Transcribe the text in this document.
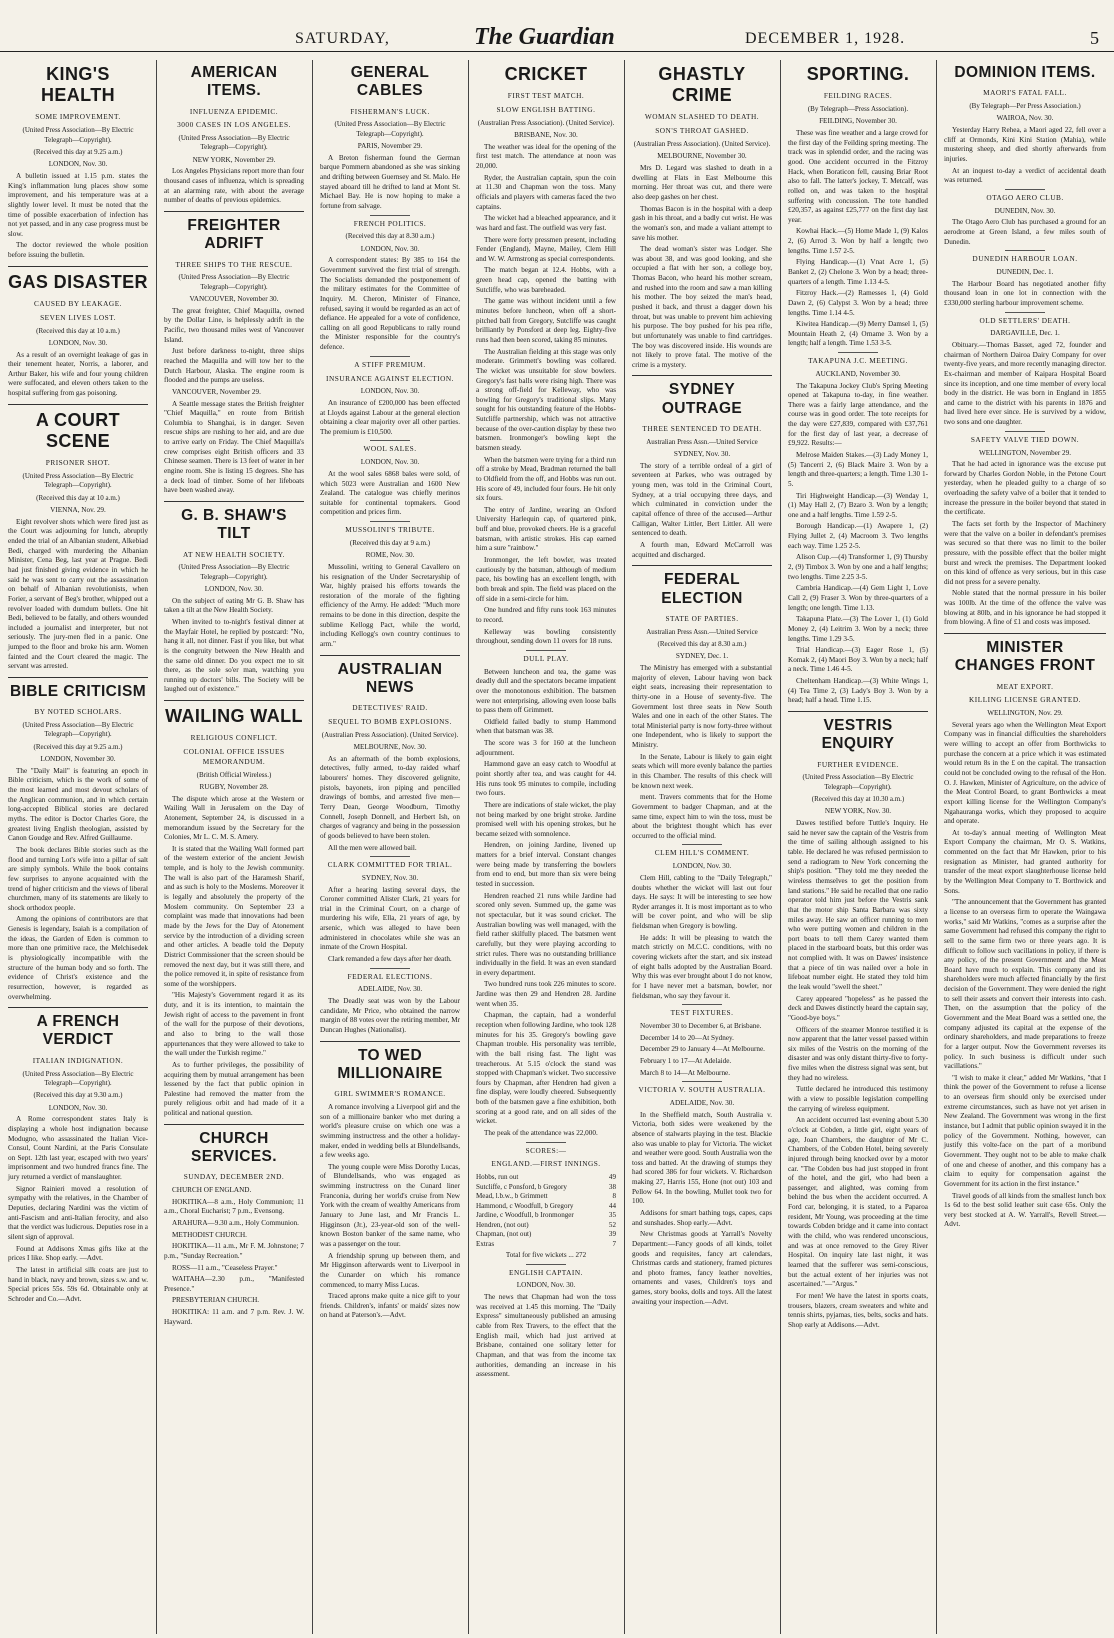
SATURDAY,	The Guardian	DECEMBER 1, 1928.	5
KING'S HEALTH
SOME IMPROVEMENT.
(United Press Association—By Electric Telegraph—Copyright).
(Received this day at 9.25 a.m.)
LONDON, Nov. 30.

A bulletin issued at 1.15 p.m. states the King's inflammation lung places show some improvement, and his temperature was at a slightly lower level. It must be noted that the time of possible exacerbation of infection has not yet passed, and in any case progress must be slow.

The doctor reviewed the whole position before issuing the bulletin.

GAS DISASTER
CAUSED BY LEAKAGE.
SEVEN LIVES LOST.
(Received this day at 10 a.m.)
LONDON, Nov. 30.

As a result of an overnight leakage of gas in their tenement heater, Norris, a laborer, and Arthur Baker, his wife and four young children were suffocated, and eleven others taken to the hospital suffering from gas poisoning.

A COURT SCENE
PRISONER SHOT.
(United Press Association—By Electric Telegraph—Copyright).
(Received this day at 10 a.m.)
VIENNA, Nov. 29.

Eight revolver shots which were fired just as the Court was adjourning for lunch, abruptly ended the trial of an Albanian student, Alkebiad Bedi, charged with murdering the Albanian Minister, Cena Beg, last year at Prague. Bedi had just finished giving evidence in which he said he was sent to carry out the assassination on behalf of Albanian revolutionists, when Forier, a servant of Beg's brother, whipped out a revolver loaded with dumdum bullets. One hit Bedi, believed to be fatally, and others wounded included a journalist and interpreter, but not seriously. The jury-men fled in a panic. One jumped to the floor and broke his arm. Women fainted and the Court cleared the magic. The servant was arrested.

BIBLE CRITICISM
BY NOTED SCHOLARS.
(United Press Association—By Electric Telegraph—Copyright).
(Received this day at 9.25 a.m.)
LONDON, November 30.

The "Daily Mail" is featuring an epoch in Bible criticism, which is the work of some of the most learned and most devout scholars of the Anglican communion, and in which certain long-accepted Biblical stories are declared myths. The editor is Doctor Charles Gore, the greatest living English theologian, assisted by Canon Goudge and Rev. Alfred Guillaume.

The book declares Bible stories such as the flood and turning Lot's wife into a pillar of salt are simply symbols. While the book contains few surprises to anyone acquainted with the trend of higher criticism and the views of liberal churchmen, many of its statements are likely to shock orthodox people.

Among the opinions of contributors are that Genesis is legendary, Isaiah is a compilation of the ideas, the Garden of Eden is common to more than one primitive race, the Melchisedek is physiologically incompatible with the structure of the human body and so forth. The evidence of Christ's existence and the resurrection, however, is regarded as overwhelming.

A FRENCH VERDICT
ITALIAN INDIGNATION.
(United Press Association—By Electric Telegraph—Copyright).
(Received this day at 9.30 a.m.)
LONDON, Nov. 30.

A Rome correspondent states Italy is displaying a whole host indignation because Modugno, who assassinated the Italian Vice-Consul, Count Nardini, at the Paris Consulate on Sept. 12th last year, escaped with two years' imprisonment and two hundred francs fine. The jury returned a verdict of manslaughter.

Signor Rainieri moved a resolution of sympathy with the relatives, in the Chamber of Deputies, declaring Nardini was the victim of anti-Fascism and anti-Italian ferocity, and also that the verdict was ludicrous. Deputies rose in a silent sign of approval.

Found at Addisons Xmas gifts like at the prices I like. Shop early. —Advt.

The latest in artificial silk coats are just to hand in black, navy and brown, sizes s.w. and w. Special prices 55s. 59s 6d. Obtainable only at Schroder and Co.—Advt.

AMERICAN ITEMS.
INFLUENZA EPIDEMIC.
3000 CASES IN LOS ANGELES.
(United Press Association—By Electric Telegraph—Copyright).
NEW YORK, November 29.

Los Angeles Physicians report more than four thousand cases of influenza, which is spreading at an alarming rate, with about the average number of deaths of previous epidemics.

FREIGHTER ADRIFT
THREE SHIPS TO THE RESCUE.
(United Press Association—By Electric Telegraph—Copyright).
VANCOUVER, November 30.

The great freighter, Chief Maquilla, owned by the Dollar Line, is helplessly adrift in the Pacific, two thousand miles west of Vancouver Island.

Just before darkness to-night, three ships reached the Maquilla and will tow her to the Dutch Harbour, Alaska. The engine room is flooded and the pumps are useless.

VANCOUVER, November 29.

A Seattle message states the British freighter "Chief Maquilla," en route from British Columbia to Shanghai, is in danger. Seven rescue ships are rushing to her aid, and are due to arrive early on Friday. The Chief Maquilla's crew comprises eight British officers and 33 Chinese seamen. There is 13 feet of water in her engine room. She is listing 15 degrees. She has a deck load of timber. Some of her lifeboats have been washed away.

G. B. SHAW'S TILT
AT NEW HEALTH SOCIETY.
(United Press Association—By Electric Telegraph—Copyright).
LONDON, Nov. 30.

On the subject of eating Mr G. B. Shaw has taken a tilt at the New Health Society.

When invited to to-night's festival dinner at the Mayfair Hotel, he replied by postcard: "No, hang it all, not dinner. Fast if you like, but what is the congruity between the New Health and the same old dinner. Do you expect me to sit there, as the sole so'er man, watching you running up doctors' bills. The Society will be laughed out of existence."

WAILING WALL
RELIGIOUS CONFLICT.
COLONIAL OFFICE ISSUES MEMORANDUM.
(British Official Wireless.)
RUGBY, November 28.

The dispute which arose at the Western or Wailing Wall in Jerusalem on the Day of Atonement, September 24, is discussed in a memorandum issued by the Secretary for the Colonies, Mr L. C. M. S. Amery.

It is stated that the Wailing Wall formed part of the western exterior of the ancient Jewish temple, and is holy to the Jewish community. The wall is also part of the Haramesh Sharif, and as such is holy to the Moslems. Moreover it is legally and absolutely the property of the Moslem community. On September 23 a complaint was made that innovations had been made by the Jews for the Day of Atonement service by the introduction of a dividing screen and other articles. A beadle told the Deputy District Commissioner that the screen should be removed the next day, but it was still there, and the police removed it, in spite of resistance from some of the worshippers.

"His Majesty's Government regard it as its duty, and it is its intention, to maintain the Jewish right of access to the pavement in front of the wall for the purpose of their devotions, and also to bring to the wall those appurtenances that they were allowed to take to the wall under the Turkish regime."

As to further privileges, the possibility of acquiring them by mutual arrangement has been lessened by the fact that public opinion in Palestine had removed the matter from the purely religious orbit and had made of it a political and national question.

CHURCH SERVICES.
SUNDAY, DECEMBER 2ND.

CHURCH OF ENGLAND.

HOKITIKA—8 a.m., Holy Communion; 11 a.m., Choral Eucharist; 7 p.m., Evensong.

ARAHURA—9.30 a.m., Holy Communion.

METHODIST CHURCH.

HOKITIKA—11 a.m., Mr F. M. Johnstone; 7 p.m., "Sunday Recreation."

ROSS—11 a.m., "Ceaseless Prayer."

WAITAHA—2.30 p.m., "Manifested Presence."

PRESBYTERIAN CHURCH.

HOKITIKA: 11 a.m. and 7 p.m. Rev. J. W. Hayward.

GENERAL CABLES
FISHERMAN'S LUCK.
(United Press Association—By Electric Telegraph—Copyright).
PARIS, November 29.

A Breton fisherman found the German barque Pommern abandoned as she was sinking and drifting between Guernsey and St. Malo. He stayed aboard till he drifted to land at Mont St. Michael Bay. He is now hoping to make a fortune from salvage.

FRENCH POLITICS.
(Received this day at 8.30 a.m.)
LONDON, Nov. 30.

A correspondent states: By 385 to 164 the Government survived the first trial of strength. The Socialists demanded the postponement of the military estimates for the Committee of Inquiry. M. Cheron, Minister of Finance, refused, saying it would be regarded as an act of defiance. He appealed for a vote of confidence, calling on all good Republicans to rally round the Minister responsible for the country's defence.

A STIFF PREMIUM.
INSURANCE AGAINST ELECTION.
LONDON, Nov. 30.

An insurance of £200,000 has been effected at Lloyds against Labour at the general election obtaining a clear majority over all other parties. The premium is £10,500.

WOOL SALES.
LONDON, Nov. 30.

At the wool sales 6868 bales were sold, of which 5023 were Australian and 1600 New Zealand. The catalogue was chiefly merinos suitable for continental topmakers. Good competition and prices firm.

MUSSOLINI'S TRIBUTE.
(Received this day at 9 a.m.)
ROME, Nov. 30.

Mussolini, writing to General Cavallero on his resignation of the Under Secretaryship of War, highly praised his efforts towards the restoration of the morale of the fighting efficiency of the Army. He added: "Much more remains to be done in this direction, despite the sublime Kellogg Pact, while the world, including Kellogg's own country continues to arm."

AUSTRALIAN NEWS
DETECTIVES' RAID.
SEQUEL TO BOMB EXPLOSIONS.
(Australian Press Association). (United Service).
MELBOURNE, Nov. 30.

As an aftermath of the bomb explosions, detectives, fully armed, to-day raided wharf labourers' homes. They discovered gelignite, pistols, bayonets, iron piping and pencilled drawings of bombs, and arrested five men—Terry Dean, George Woodburn, Timothy Connell, Joseph Donnell, and Herbert Ish, on charges of vagrancy and being in the possession of goods believed to have been stolen.

All the men were allowed bail.

CLARK COMMITTED FOR TRIAL.
SYDNEY, Nov. 30.

After a hearing lasting several days, the Coroner committed Alister Clark, 21 years for trial in the Criminal Court, on a charge of murdering his wife, Ella, 21 years of age, by arsenic, which was alleged to have been administered in chocolates while she was an inmate of the Crown Hospital.

Clark remanded a few days after her death.

FEDERAL ELECTIONS.
ADELAIDE, Nov. 30.

The Deadly seat was won by the Labour candidate, Mr Price, who obtained the narrow margin of 88 votes over the retiring member, Mr Duncan Hughes (Nationalist).

TO WED MILLIONAIRE
GIRL SWIMMER'S ROMANCE.

A romance involving a Liverpool girl and the son of a millionaire banker who met during a world's pleasure cruise on which one was a swimming instructress and the other a holiday-maker, ended in wedding bells at Blundellsands, a few weeks ago.

The young couple were Miss Dorothy Lucas, of Blundellsands, who was engaged as swimming instructress on the Cunard liner Franconia, during her world's cruise from New York with the cream of wealthy Americans from January to June last, and Mr Francis L. Higginson (Jr.), 23-year-old son of the well-known Boston banker of the same name, who was a passenger on the tour.

A friendship sprung up between them, and Mr Higginson afterwards went to Liverpool in the Cunarder on which his romance commenced, to marry Miss Lucas.

Traced aprons make quite a nice gift to your friends. Children's, infants' or maids' sizes now on hand at Paterson's.—Advt.

CRICKET
FIRST TEST MATCH.
SLOW ENGLISH BATTING.
(Australian Press Association). (United Service).
BRISBANE, Nov. 30.

The weather was ideal for the opening of the first test match. The attendance at noon was 20,000.

Ryder, the Australian captain, spun the coin at 11.30 and Chapman won the toss. Many officials and players with cameras faced the two captains.

The wicket had a bleached appearance, and it was hard and fast. The outfield was very fast.

There were forty pressmen present, including Fender (England), Mayne, Mailey, Clem Hill and W. W. Armstrong as special correspondents.

The match began at 12.4. Hobbs, with a green head cap, opened the batting with Sutcliffe, who was bareheaded.

The game was without incident until a few minutes before luncheon, when off a short-pitched ball from Gregory, Sutcliffe was caught brilliantly by Ponsford at deep leg. Eighty-five runs had then been scored, taking 85 minutes.

The Australian fielding at this stage was only moderate. Grimmett's bowling was collared. The wicket was unsuitable for slow bowlers. Gregory's fast balls were rising high. There was a strong off-field for Kelleway, who was bowling for Gregory's traditional slips. Many sought for his outstanding feature of the Hobbs-Sutcliffe partnership, which was not attractive because of the over-caution display by these two batsmen. Ironmonger's bowling kept the batsmen steady.

When the batsmen were trying for a third run off a stroke by Mead, Bradman returned the ball to Oldfield from the off, and Hobbs was run out. His score of 49, included four fours. He hit only six fours.

The entry of Jardine, wearing an Oxford University Harlequin cap, of quartered pink, buff and blue, provoked cheers. He is a graceful batsman, with artistic strokes. His cap earned him a sure "rainbow."

Ironmonger, the left bowler, was treated cautiously by the batsman, although of medium pace, his bowling has an excellent length, with both break and spin. The field was placed on the off side in a semi-circle for him.

One hundred and fifty runs took 163 minutes to record.

Kelleway was bowling consistently throughout, sending down 11 overs for 18 runs.

DULL PLAY.

Between luncheon and tea, the game was deadly dull and the spectators became impatient over the monotonous exhibition. The batsmen were not enterprising, allowing even loose balls to pass them off Grimmett.

Oldfield failed badly to stump Hammond when that batsman was 38.

The score was 3 for 160 at the luncheon adjournment.

Hammond gave an easy catch to Woodful at point shortly after tea, and was caught for 44. His runs took 95 minutes to compile, including two fours.

There are indications of stale wicket, the play not being marked by one bright stroke. Jardine promised well with his opening strokes, but he became seized with somnolence.

Hendren, on joining Jardine, livened up matters for a brief interval. Constant changes were being made by transferring the bowlers from end to end, but more than six were being tested in succession.

Hendren reached 21 runs while Jardine had scored only seven. Summed up, the game was not spectacular, but it was sound cricket. The Australian bowling was well managed, with the field rather skilfully placed. The batsmen went carefully, but they were playing according to strict rules. There was no outstanding brilliance individually in the field. It was an even standard in every department.

Two hundred runs took 226 minutes to score. Jardine was then 29 and Hendren 28. Jardine went when 35.

Chapman, the captain, had a wonderful reception when following Jardine, who took 128 minutes for his 35. Gregory's bowling gave Chapman trouble. His personality was terrible, with the ball rising fast. The light was treacherous. At 5.15 o'clock the stand was stopped with Chapman's wicket. Two successive fours by Chapman, after Hendren had given a fine display, were loudly cheered. Subsequently both of the batsmen gave a fine exhibition, both scoring at a good rate, and on all sides of the wicket.

The peak of the attendance was 22,000.

SCORES:—
ENGLAND.—FIRST INNINGS.
Hobbs, run out	49
Sutcliffe, c Ponsford, b Gregory	38
Mead, l.b.w., b Grimmett	8
Hammond, c Woodfull, b Gregory	44
Jardine, c Woodfull, b Ironmonger	35
Hendren, (not out)	52
Chapman, (not out)	39
Extras	7
Total for five wickets ... 272
ENGLISH CAPTAIN.
LONDON, Nov. 30.

The news that Chapman had won the toss was received at 1.45 this morning. The "Daily Express" simultaneously published an amusing cable from Rex Travers, to the effect that the English mail, which had just arrived at Brisbane, contained one solitary letter for Chapman, and that was from the income tax authorities, demanding an increase in his assessment.

GHASTLY CRIME
WOMAN SLASHED TO DEATH.
SON'S THROAT GASHED.
(Australian Press Association). (United Service).
MELBOURNE, November 30.

Mrs D. Legard was slashed to death in a dwelling at Flats in East Melbourne this morning. Her throat was cut, and there were also deep gashes on her chest.

Thomas Bacon is in the hospital with a deep gash in his throat, and a badly cut wrist. He was the woman's son, and made a valiant attempt to save his mother.

The dead woman's sister was Lodger. She was about 38, and was good looking, and she occupied a flat with her son, a college boy, Thomas Bacon, who heard his mother scream, and rushed into the room and saw a man killing his mother. The boy seized the man's head, pushed it back, and thrust a dagger down his throat, but was unable to prevent him achieving his purpose. The boy pushed for his pea rifle, but unfortunately was unable to find cartridges. The boy was discovered inside. His wounds are not likely to prove fatal. The motive of the crime is a mystery.

SYDNEY OUTRAGE
THREE SENTENCED TO DEATH.
Australian Press Assn.—United Service
SYDNEY, Nov. 30.

The story of a terrible ordeal of a girl of seventeen at Parkes, who was outraged by young men, was told in the Criminal Court, Sydney, at a trial occupying three days, and which culminated in conviction under the capital offence of three of the accused—Arthur Calligan, Walter Littler, Bert Littler. All were sentenced to death.

A fourth man, Edward McCarroll was acquitted and discharged.

FEDERAL ELECTION
STATE OF PARTIES.
Australian Press Assn.—United Service
(Received this day at 8.30 a.m.)
SYDNEY, Dec. 1.

The Ministry has emerged with a substantial majority of eleven, Labour having won back eight seats, increasing their representation to thirty-one in a House of seventy-five. The Government lost three seats in New South Wales and one in each of the other States. The total Ministerial party is now forty-three without one Independent, who is likely to support the Ministry.

In the Senate, Labour is likely to gain eight seats which will more evenly balance the parties in this Chamber. The results of this check will be known next week.

ment. Travers comments that for the Home Government to badger Chapman, and at the same time, expect him to win the toss, must be about the brightest thought which has ever occurred to the official mind.

CLEM HILL'S COMMENT.
LONDON, Nov. 30.

Clem Hill, cabling to the "Daily Telegraph," doubts whether the wicket will last out four days. He says: It will be interesting to see how Ryder arranges it. It is most important as to who will be cover point, and who will be slip fieldsman when Gregory is bowling.

He adds: It will be pleasing to watch the match strictly on M.C.C. conditions, with no covering wickets after the start, and six instead of eight balls adopted by the Australian Board. Why this was ever brought about I do not know, for I have never met a batsman, bowler, nor fieldsman, who say they favour it.

TEST FIXTURES.

November 30 to December 6, at Brisbane.

December 14 to 20—At Sydney.

December 29 to January 4—At Melbourne.

February 1 to 17—At Adelaide.

March 8 to 14—At Melbourne.

VICTORIA V. SOUTH AUSTRALIA.
ADELAIDE, Nov. 30.

In the Sheffield match, South Australia v. Victoria, both sides were weakened by the absence of stalwarts playing in the test. Blackie also was unable to play for Victoria. The wicket and weather were good. South Australia won the toss and batted. At the drawing of stumps they had scored 386 for four wickets. V. Richardson making 27, Harris 155, Hone (not out) 103 and Pellow 64. In the bowling, Mullet took two for 100.

Addisons for smart bathing togs, capes, caps and sunshades. Shop early.—Advt.

New Christmas goods at Yarrall's Novelty Department:—Fancy goods of all kinds, toilet goods and requisites, fancy art calendars, Christmas cards and stationery, framed pictures and photo frames, fancy leather novelties, ornaments and vases, Children's toys and games, story books, dolls and toys. All the latest awaiting your inspection.—Advt.

SPORTING.
FEILDING RACES.
(By Telegraph—Press Association).
FEILDING, November 30.

These was fine weather and a large crowd for the first day of the Feilding spring meeting. The track was in splendid order, and the racing was good. One accident occurred in the Fitzroy Hack, when Boraticon fell, causing Briar Root also to fall. The latter's jockey, T. Metcalf, was rolled on, and was taken to the hospital suffering with concussion. The tote handled £20,357, as against £25,777 on the first day last year.

Kowhai Hack.—(5) Home Made 1, (9) Kalos 2, (6) Arrod 3. Won by half a length; two lengths. Time 1.57 2-5.

Flying Handicap.—(1) Vnat Acre 1, (5) Banket 2, (2) Chelone 3. Won by a head; three-quarters of a length. Time 1.13 4-5.

Fitzroy Hack.—(2) Ramesses 1, (4) Gold Dawn 2, (6) Calypst 3. Won by a head; three lengths. Time 1.14 4-5.

Kiwitea Handicap.—(9) Merry Damsel 1, (5) Mountain Heath 2, (4) Orname 3. Won by a length; half a length. Time 1.53 3-5.

TAKAPUNA J.C. MEETING.
AUCKLAND, November 30.

The Takapuna Jockey Club's Spring Meeting opened at Takapuna to-day, in fine weather. There was a fairly large attendance, and the course was in good order. The tote receipts for the day were £27,839, compared with £37,761 for the first day of last year, a decrease of £9,922. Results:—

Melrose Maiden Stakes.—(3) Lady Money 1, (5) Tancerri 2, (6) Black Maire 3. Won by a length and three-quarters; a length. Time 1.30 1-5.

Tiri Highweight Handicap.—(3) Wenday 1, (1) May Hall 2, (7) Bzaro 3. Won by a length; one and a half lengths. Time 1.59 2-5.

Borough Handicap.—(1) Awapere 1, (2) Flying Jullet 2, (4) Macroom 3. Two lengths each way. Time 1.25 2-5.

Alison Cup.—(4) Transformer 1, (9) Thursby 2, (9) Timbox 3. Won by one and a half lengths; two lengths. Time 2.25 3-5.

Cambria Handicap.—(4) Gem Light 1, Love Call 2, (9) Fraser 3. Won by three-quarters of a length; one length. Time 1.13.

Takapuna Plate.—(3) The Lover 1, (1) Gold Money 2, (4) Leitrim 3. Won by a neck; three lengths. Time 1.29 3-5.

Trial Handicap.—(3) Eager Rose 1, (5) Komak 2, (4) Maori Boy 3. Won by a neck; half a neck. Time 1.46 4-5.

Cheltenham Handicap.—(3) White Wings 1, (4) Tea Time 2, (3) Lady's Boy 3. Won by a head; half a head. Time 1.15.

VESTRIS ENQUIRY
FURTHER EVIDENCE.
(United Press Association—By Electric Telegraph—Copyright).
(Received this day at 10.30 a.m.)
NEW YORK, Nov. 30.

Dawes testified before Tuttle's Inquiry. He said he never saw the captain of the Vestris from the time of sailing although assigned to his table. He declared he was refused permission to send a radiogram to New York concerning the ship's position. "They told me they needed the wireless themselves to get the position from land stations." He said he recalled that one radio operator told him just before the Vestris sank that the motor ship Santa Barbara was sixty miles away. He saw an officer running to men who were putting women and children in the port boats to tell them Carey wanted them placed in the starboard boats, but this order was not complied with. It was on Dawes' insistence that a piece of tin was nailed over a hole in lifeboat number eight. He stated they told him the leak would "swell the sheet."

Carey appeared "hopeless" as he passed the deck and Dawes distinctly heard the captain say, "Good-bye boys."

Officers of the steamer Monroe testified it is now apparent that the latter vessel passed within six miles of the Vestris on the morning of the disaster and was only distant thirty-five to forty-five miles when the distress signal was sent, but they had no wireless.

Tuttle declared he introduced this testimony with a view to possible legislation compelling the carrying of wireless equipment.

An accident occurred last evening about 5.30 o'clock at Cobden, a little girl, eight years of age, Joan Chambers, the daughter of Mr C. Chambers, of the Cobden Hotel, being severely injured through being knocked over by a motor car. "The Cobden bus had just stopped in front of the hotel, and the girl, who had been a passenger, and alighted, was coming from behind the bus when the accident occurred. A Ford car, belonging, it is stated, to a Paparoa resident, Mr Young, was proceeding at the time towards Cobden bridge and it came into contact with the child, who was rendered unconscious, and was at once removed to the Grey River Hospital. On inquiry late last night, it was learned that the sufferer was semi-conscious, but the actual extent of her injuries was not ascertained."—"Argus."

For men! We have the latest in sports coats, trousers, blazers, cream sweaters and white and tennis shirts, pyjamas, ties, belts, socks and hats. Shop early at Addisons.—Advt.

DOMINION ITEMS.
MAORI'S FATAL FALL.
(By Telegraph—Per Press Association.)
WAIROA, Nov. 30.

Yesterday Harry Rehea, a Maori aged 22, fell over a cliff at Ormonds, Kini Kini Station (Mahia), while mustering sheep, and died shortly afterwards from injuries.

At an inquest to-day a verdict of accidental death was returned.

OTAGO AERO CLUB.
DUNEDIN, Nov. 30.

The Otago Aero Club has purchased a ground for an aerodrome at Green Island, a few miles south of Dunedin.

DUNEDIN HARBOUR LOAN.
DUNEDIN, Dec. 1.

The Harbour Board has negotiated another fifty thousand loan in one lot in connection with the £330,000 sterling harbour improvement scheme.

OLD SETTLERS' DEATH.
DARGAVILLE, Dec. 1.

Obituary.—Thomas Basset, aged 72, founder and chairman of Northern Dairoa Dairy Company for over twenty-five years, and more recently managing director. Ex-chairman and member of Kaipara Hospital Board since its inception, and one time member of every local body in the district. He was born in England in 1855 and came to the district with his parents in 1876 and had lived here ever since. He is survived by a widow, two sons and one daughter.

SAFETY VALVE TIED DOWN.
WELLINGTON, November 29.

That he had acted in ignorance was the excuse put forward by Charles Gordon Noble, in the Petone Court yesterday, when he pleaded guilty to a charge of so overloading the safety valve of a boiler that it tended to increase the pressure in the boiler beyond that stated in the certificate.

The facts set forth by the Inspector of Machinery were that the valve on a boiler in defendant's premises was secured so that there was no limit to the boiler pressure, with the possible effect that the boiler might burst and wreck the premises. The Department looked on this kind of offence as very serious, but in this case did not press for a severe penalty.

Noble stated that the normal pressure in his boiler was 100lb. At the time of the offence the valve was blowing at 80lb, and in his ignorance he had stopped it from blowing. A fine of £1 and costs was imposed.

MINISTER CHANGES FRONT
MEAT EXPORT.
KILLING LICENSE GRANTED.
WELLINGTON, Nov. 29.

Several years ago when the Wellington Meat Export Company was in financial difficulties the shareholders were willing to accept an offer from Borthwicks to purchase the concern at a price which it was estimated would return 8s in the £ on the capital. The transaction could not be concluded owing to the refusal of the Hon. O. J. Hawken, Minister of Agriculture, on the advice of the Meat Control Board, to grant Borthwicks a meat export killing license for the Wellington Company's Ngahauranga works, which they proposed to acquire and operate.

At to-day's annual meeting of Wellington Meat Export Company the chairman, Mr O. S. Watkins, commented on the fact that Mr Hawken, prior to his resignation as Minister, had granted authority for transfer of the meat export slaughterhouse license held by the Wellington Meat Company to T. Borthwick and Sons.

"The announcement that the Government has granted a license to an overseas firm to operate the Waingawa works," said Mr Watkins, "comes as a surprise after the same Government had refused this company the right to sell to the same firm two or three years ago. It is difficult to follow such vacillations in policy, if there is any policy, of the present Government and the Meat Board have much to explain. This company and its shareholders were much affected financially by the first decision of the Government. They were denied the right to sell their assets and convert their interests into cash. Then, on the assumption that the policy of the Government and the Meat Board was a settled one, the company adjusted its capital at the expense of the ordinary shareholders, and made preparations to freeze for a larger output. Now the Government reverses its policy. In such business is difficult under such vacillations."

"I wish to make it clear," added Mr Watkins, "that I think the power of the Government to refuse a license to an overseas firm should only be exercised under extreme circumstances, such as have not yet arisen in New Zealand. The Government was wrong in the first instance, but I admit that public opinion swayed it in the policy of the Government. Nothing, however, can justify this volte-face on the part of a moribund Government. They ought not to be able to make chalk of one and cheese of another, and this company has a claim to equity for compensation against the Government for its action in the first instance."

Travel goods of all kinds from the smallest lunch box 1s 6d to the best solid leather suit case 65s. Only the very best stocked at A. W. Yarrall's, Revell Street.—Advt.
